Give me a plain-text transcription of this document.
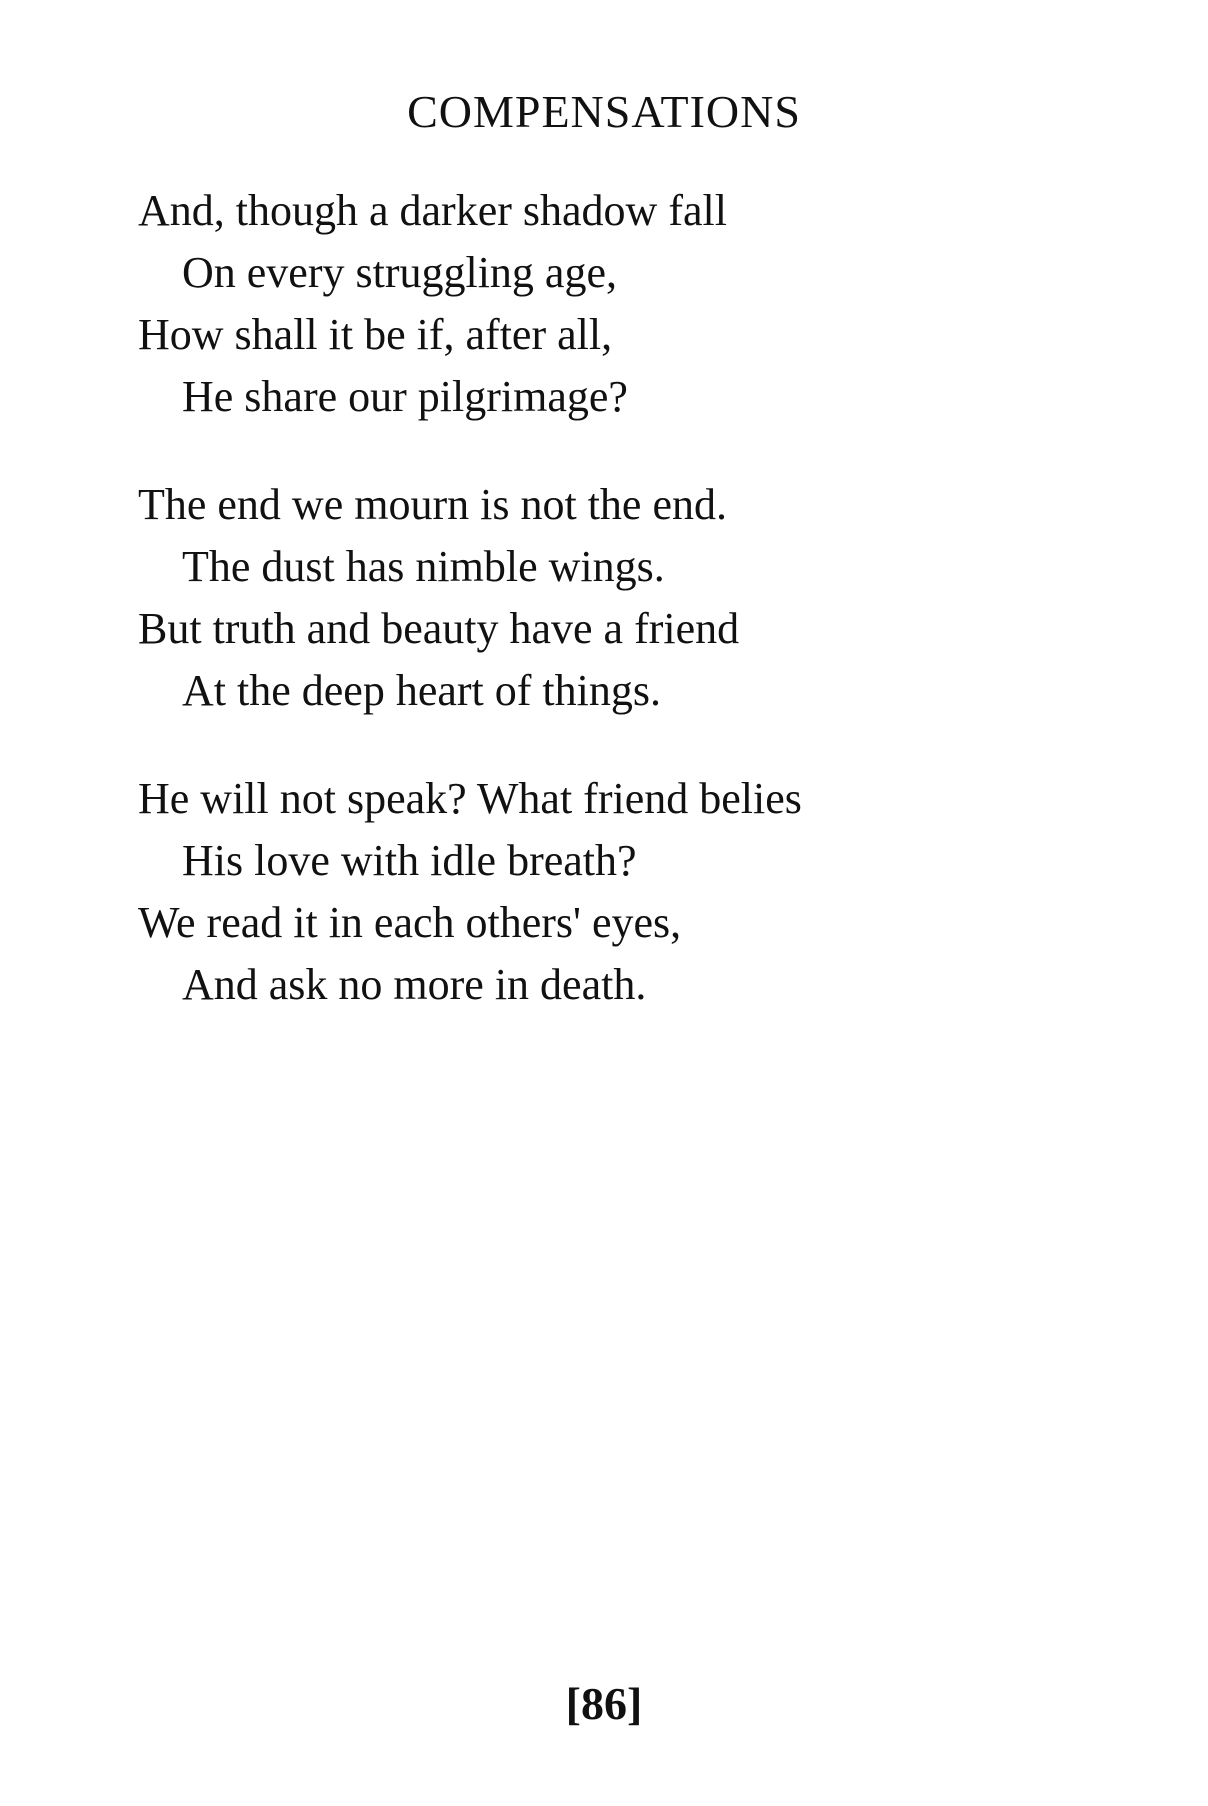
COMPENSATIONS
And, though a darker shadow fall
On every struggling age,
How shall it be if, after all,
He share our pilgrimage?
The end we mourn is not the end.
The dust has nimble wings.
But truth and beauty have a friend
At the deep heart of things.
He will not speak? What friend belies
His love with idle breath?
We read it in each others' eyes,
And ask no more in death.
[86]
